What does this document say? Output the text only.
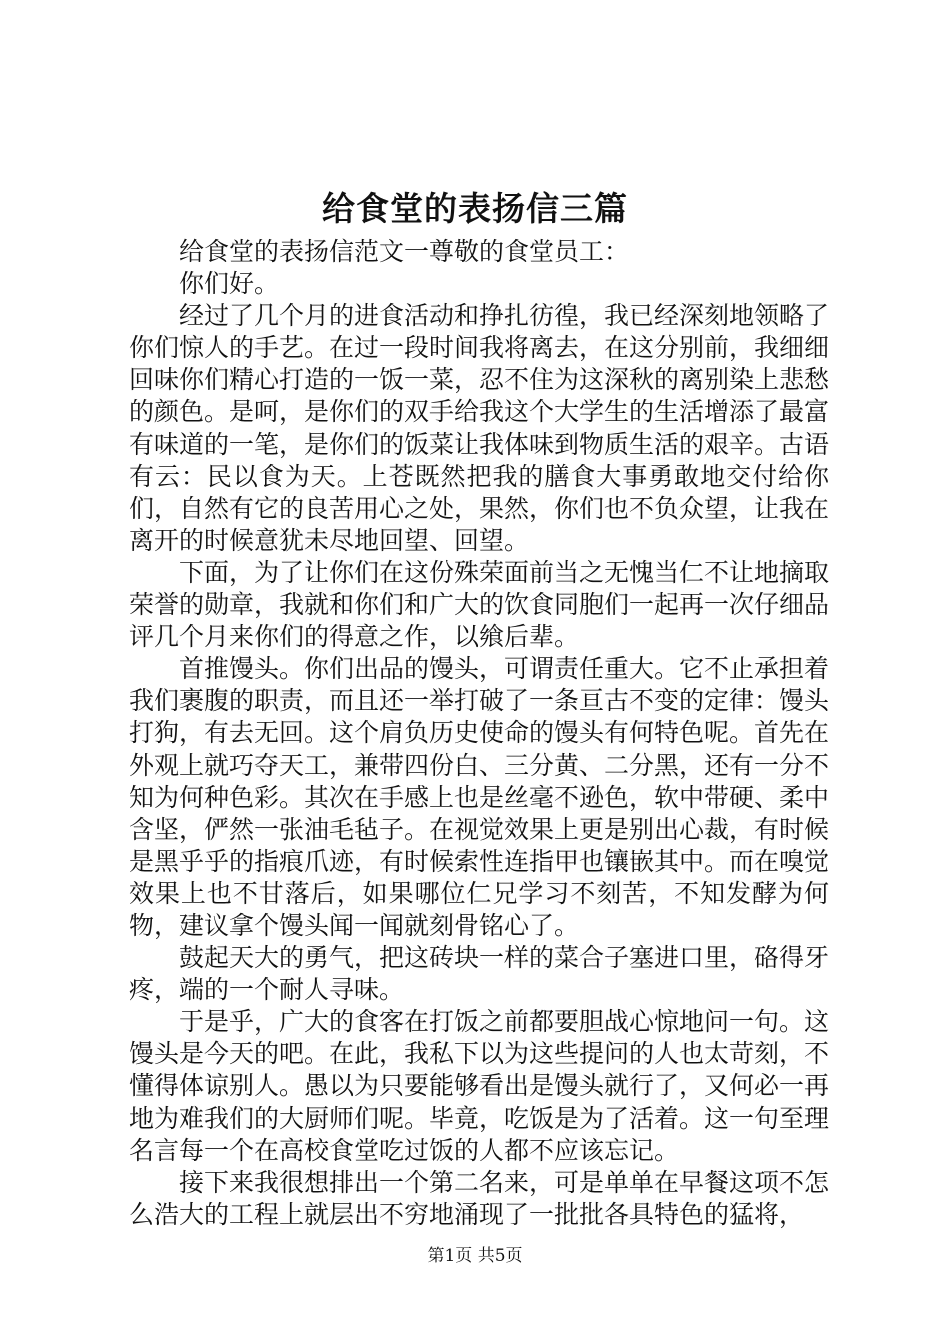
给食堂的表扬信三篇

给食堂的表扬信范文一尊敬的食堂员工：

你们好。

经过了几个月的进食活动和挣扎彷徨，我已经深刻地领略了你们惊人的手艺。在过一段时间我将离去，在这分别前，我细细回味你们精心打造的一饭一菜，忍不住为这深秋的离别染上悲愁的颜色。是呵，是你们的双手给我这个大学生的生活增添了最富有味道的一笔，是你们的饭菜让我体味到物质生活的艰辛。古语有云：民以食为天。上苍既然把我的膳食大事勇敢地交付给你们，自然有它的良苦用心之处，果然，你们也不负众望，让我在离开的时候意犹未尽地回望、回望。

下面，为了让你们在这份殊荣面前当之无愧当仁不让地摘取荣誉的勋章，我就和你们和广大的饮食同胞们一起再一次仔细品评几个月来你们的得意之作，以飨后辈。

首推馒头。你们出品的馒头，可谓责任重大。它不止承担着我们裹腹的职责，而且还一举打破了一条亘古不变的定律：馒头打狗，有去无回。这个肩负历史使命的馒头有何特色呢。首先在外观上就巧夺天工，兼带四份白、三分黄、二分黑，还有一分不知为何种色彩。其次在手感上也是丝毫不逊色，软中带硬、柔中含坚，俨然一张油毛毡子。在视觉效果上更是别出心裁，有时候是黑乎乎的指痕爪迹，有时候索性连指甲也镶嵌其中。而在嗅觉效果上也不甘落后，如果哪位仁兄学习不刻苦，不知发酵为何物，建议拿个馒头闻一闻就刻骨铭心了。

鼓起天大的勇气，把这砖块一样的菜合子塞进口里，硌得牙疼，端的一个耐人寻味。

于是乎，广大的食客在打饭之前都要胆战心惊地问一句。这馒头是今天的吧。在此，我私下以为这些提问的人也太苛刻，不懂得体谅别人。愚以为只要能够看出是馒头就行了，又何必一再地为难我们的大厨师们呢。毕竟，吃饭是为了活着。这一句至理名言每一个在高校食堂吃过饭的人都不应该忘记。

接下来我很想排出一个第二名来，可是单单在早餐这项不怎么浩大的工程上就层出不穷地涌现了一批批各具特色的猛将，

第1页 共5页
